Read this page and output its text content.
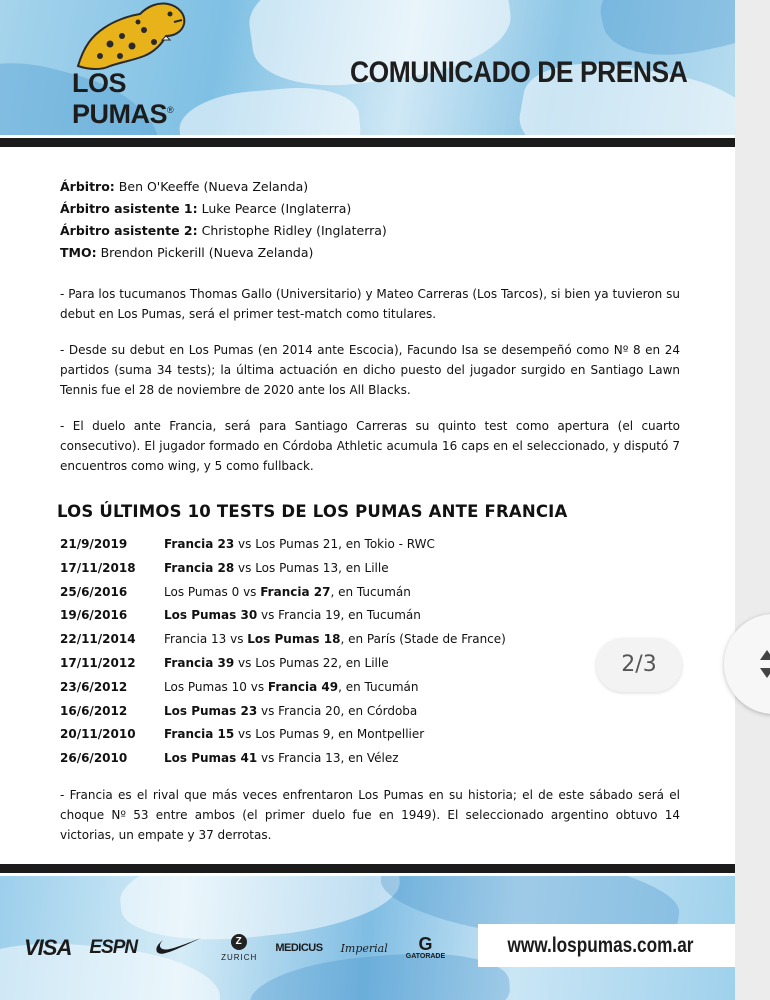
LOS PUMAS®
COMUNICADO DE PRENSA
Árbitro: Ben O'Keeffe (Nueva Zelanda)
Árbitro asistente 1: Luke Pearce (Inglaterra)
Árbitro asistente 2: Christophe Ridley (Inglaterra)
TMO: Brendon Pickerill (Nueva Zelanda)

- Para los tucumanos Thomas Gallo (Universitario) y Mateo Carreras (Los Tarcos), si bien ya tuvieron su debut en Los Pumas, será el primer test-match como titulares.

- Desde su debut en Los Pumas (en 2014 ante Escocia), Facundo Isa se desempeñó como Nº 8 en 24 partidos (suma 34 tests); la última actuación en dicho puesto del jugador surgido en Santiago Lawn Tennis fue el 28 de noviembre de 2020 ante los All Blacks.

- El duelo ante Francia, será para Santiago Carreras su quinto test como apertura (el cuarto consecutivo). El jugador formado en Córdoba Athletic acumula 16 caps en el seleccionado, y disputó 7 encuentros como wing, y 5 como fullback.

LOS ÚLTIMOS 10 TESTS DE LOS PUMAS ANTE FRANCIA
21/9/2019	Francia 23 vs Los Pumas 21, en Tokio - RWC
17/11/2018	Francia 28 vs Los Pumas 13, en Lille
25/6/2016	Los Pumas 0 vs Francia 27, en Tucumán
19/6/2016	Los Pumas 30 vs Francia 19, en Tucumán
22/11/2014	Francia 13 vs Los Pumas 18, en París (Stade de France)
17/11/2012	Francia 39 vs Los Pumas 22, en Lille
23/6/2012	Los Pumas 10 vs Francia 49, en Tucumán
16/6/2012	Los Pumas 23 vs Francia 20, en Córdoba
20/11/2010	Francia 15 vs Los Pumas 9, en Montpellier
26/6/2010	Los Pumas 41 vs Francia 13, en Vélez

- Francia es el rival que más veces enfrentaron Los Pumas en su historia; el de este sábado será el choque Nº 53 entre ambos (el primer duelo fue en 1949). El seleccionado argentino obtuvo 14 victorias, un empate y 37 derrotas.

VISA ESPN	Z
ZURICH
MEDICUS Imperial	G
GATORADE	www.lospumas.com.ar
2/3
